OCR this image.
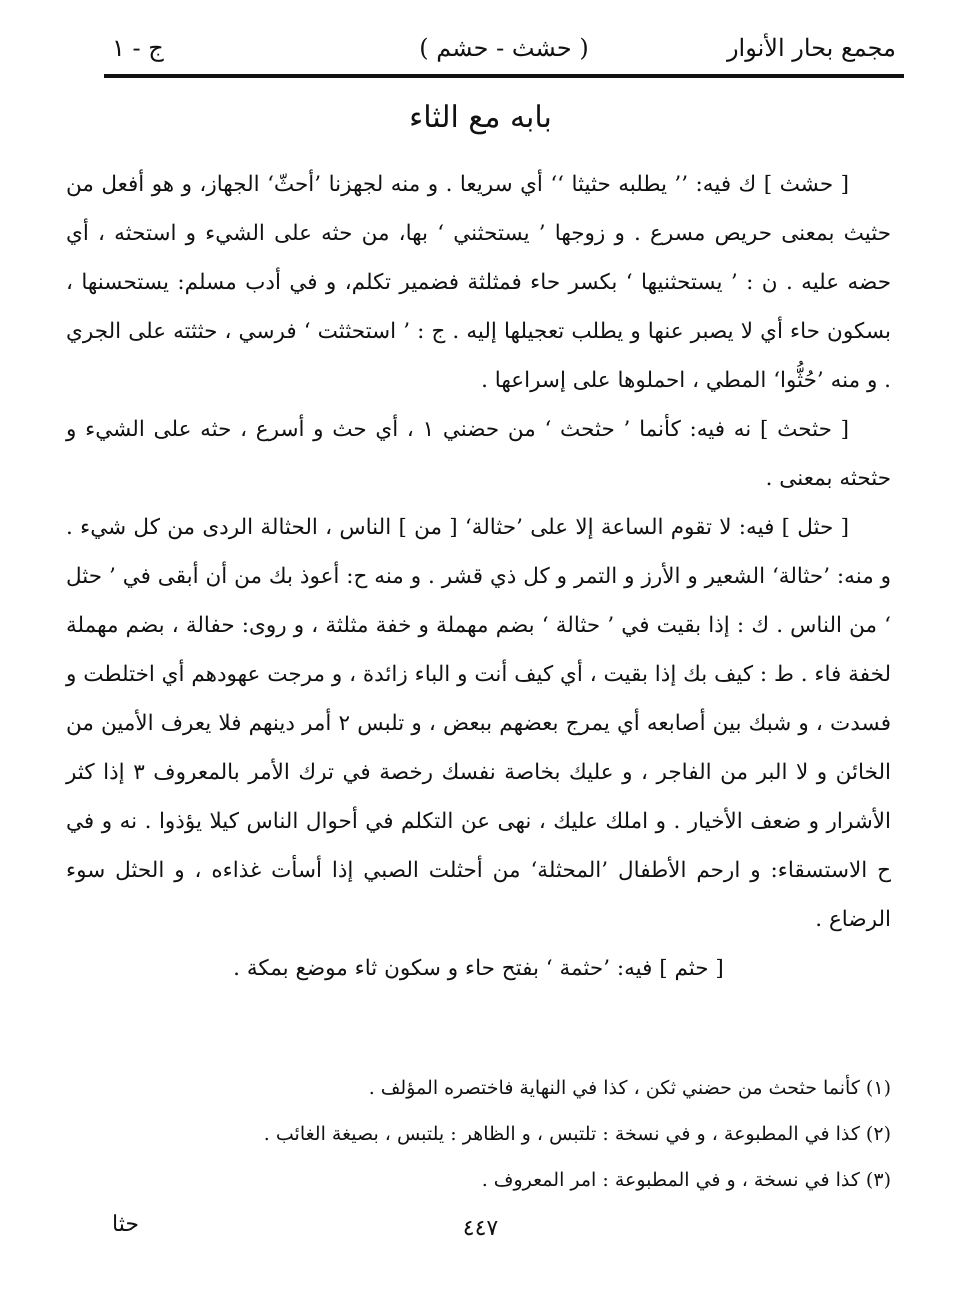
مجمع بحار الأنوار
( حشث - حشم )
ج - ١
بابه مع الثاء

[ حشث ] ك فيه: ’’ يطلبه حثيثا ‘‘ أي سريعا . و منه لجهزنا ’أحثّ‘ الجهاز، و هو أفعل من حثيث بمعنى حريص مسرع . و زوجها ’ يستحثني ‘ بها، من حثه على الشيء و استحثه ، أي حضه عليه . ن : ’ يستحثنيها ‘ بكسر حاء فمثلثة فضمير تكلم، و في أدب مسلم: يستحسنها ، بسكون حاء أي لا يصبر عنها و يطلب تعجيلها إليه . ج : ’ استحثثت ‘ فرسي ، حثثته على الجري . و منه ’حُثُّوا‘ المطي ، احملوها على إسراعها .

[ حثحث ] نه فيه: كأنما ’ حثحث ‘ من حضني ١ ، أي حث و أسرع ، حثه على الشيء و حثحثه بمعنى .

[ حثل ] فيه: لا تقوم الساعة إلا على ’حثالة‘ [ من ] الناس ، الحثالة الردى من كل شيء . و منه: ’حثالة‘ الشعير و الأرز و التمر و كل ذي قشر . و منه ح: أعوذ بك من أن أبقى في ’ حثل ‘ من الناس . ك : إذا بقيت في ’ حثالة ‘ بضم مهملة و خفة مثلثة ، و روى: حفالة ، بضم مهملة لخفة فاء . ط : كيف بك إذا بقيت ، أي كيف أنت و الباء زائدة ، و مرجت عهودهم أي اختلطت و فسدت ، و شبك بين أصابعه أي يمرج بعضهم ببعض ، و تلبس ٢ أمر دينهم فلا يعرف الأمين من الخائن و لا البر من الفاجر ، و عليك بخاصة نفسك رخصة في ترك الأمر بالمعروف ٣ إذا كثر الأشرار و ضعف الأخيار . و املك عليك ، نهى عن التكلم في أحوال الناس كيلا يؤذوا . نه و في ح الاستسقاء: و ارحم الأطفال ’المحثلة‘ من أحثلت الصبي إذا أسأت غذاءه ، و الحثل سوء الرضاع .

[ حثم ] فيه: ’حثمة ‘ بفتح حاء و سكون ثاء موضع بمكة .

(١) كأنما حثحث من حضني ثكن ، كذا في النهاية فاختصره المؤلف .

(٢) كذا في المطبوعة ، و في نسخة : تلتبس ، و الظاهر : يلتبس ، بصيغة الغائب .

(٣) كذا في نسخة ، و في المطبوعة : امر المعروف .

حثا	٤٤٧
